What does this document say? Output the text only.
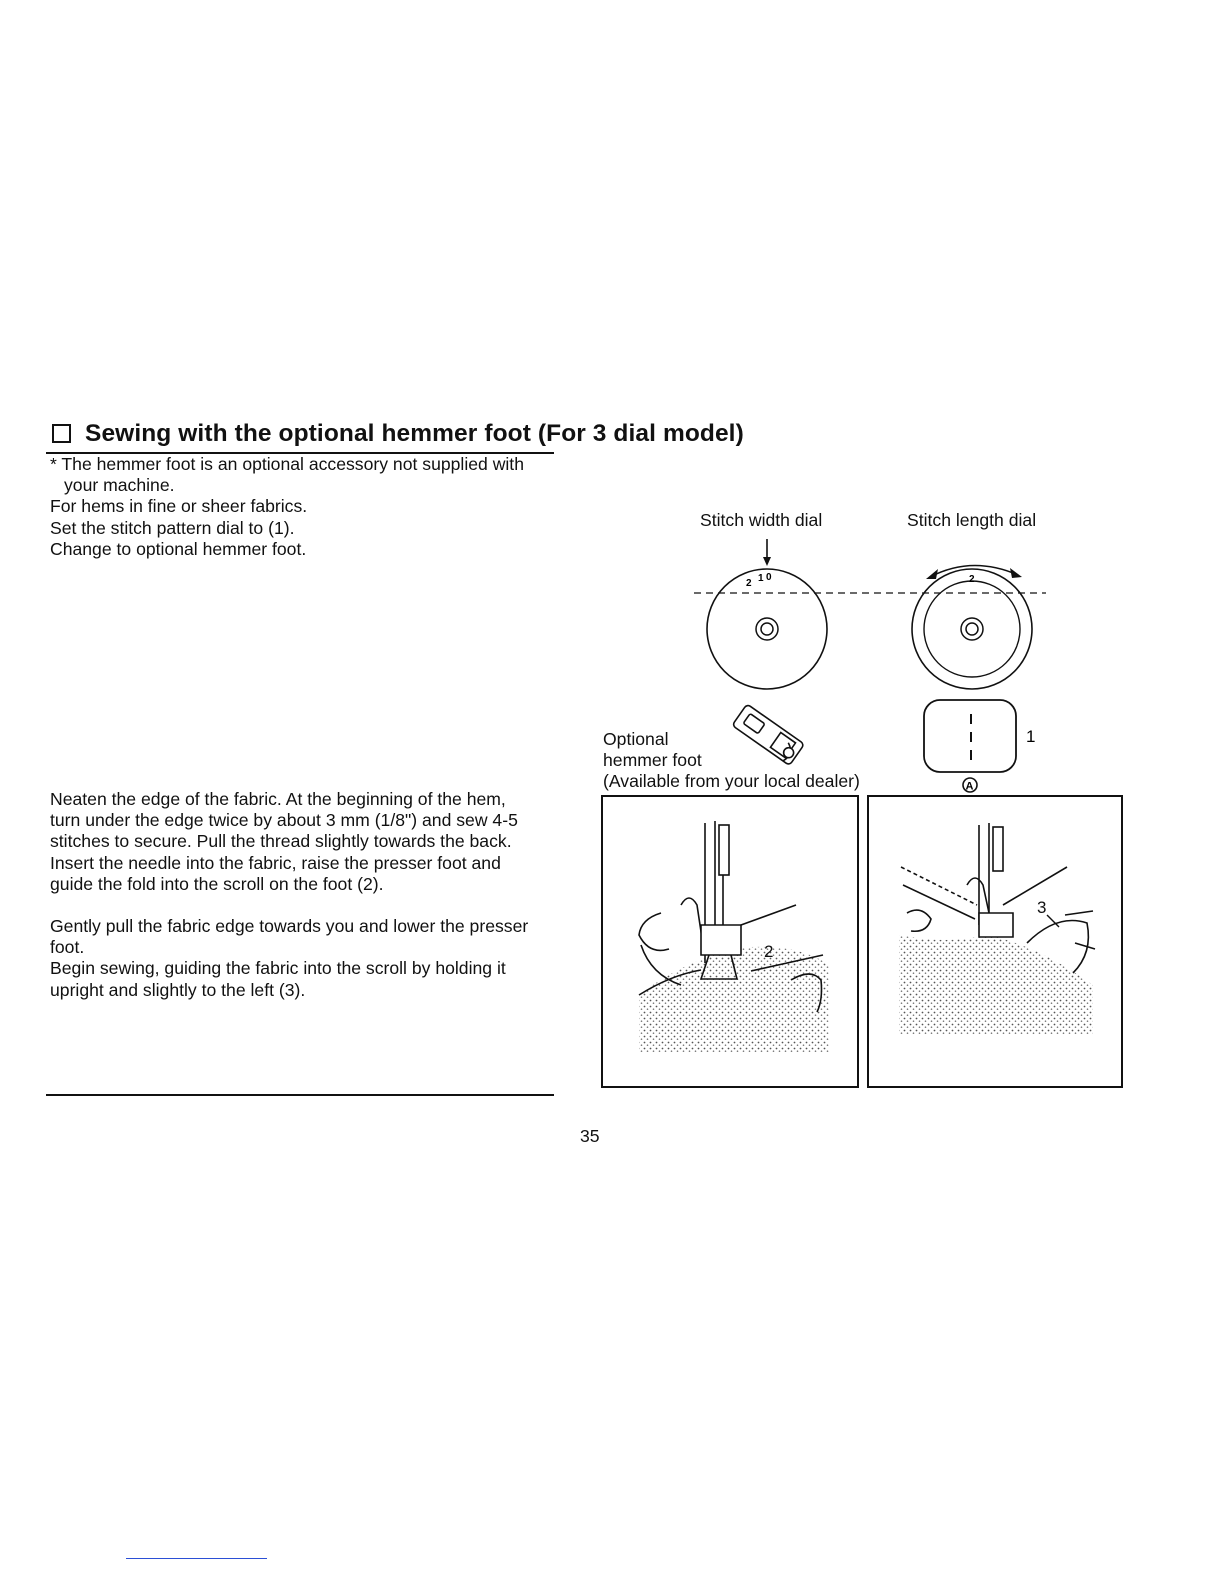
Sewing with the optional hemmer foot (For 3 dial model)
* The hemmer foot is an optional accessory not supplied with
your machine.
For hems in fine or sheer fabrics.
Set the stitch pattern dial to (1).
Change to optional hemmer foot.
Neaten the edge of the fabric. At the beginning of the hem,
turn under the edge twice by about 3 mm (1/8") and sew 4-5
stitches to secure. Pull the thread slightly towards the back.
Insert the needle into the fabric, raise the presser foot and
guide the fold into the scroll on the foot (2).
Gently pull the fabric edge towards you and lower the presser
foot.
Begin sewing, guiding the fabric into the scroll by holding it
upright and slightly to the left (3).
Stitch width dial	Stitch length dial
2 1 0	2
Optional
hemmer foot
(Available from your local dealer)
1
A
2
3
35
